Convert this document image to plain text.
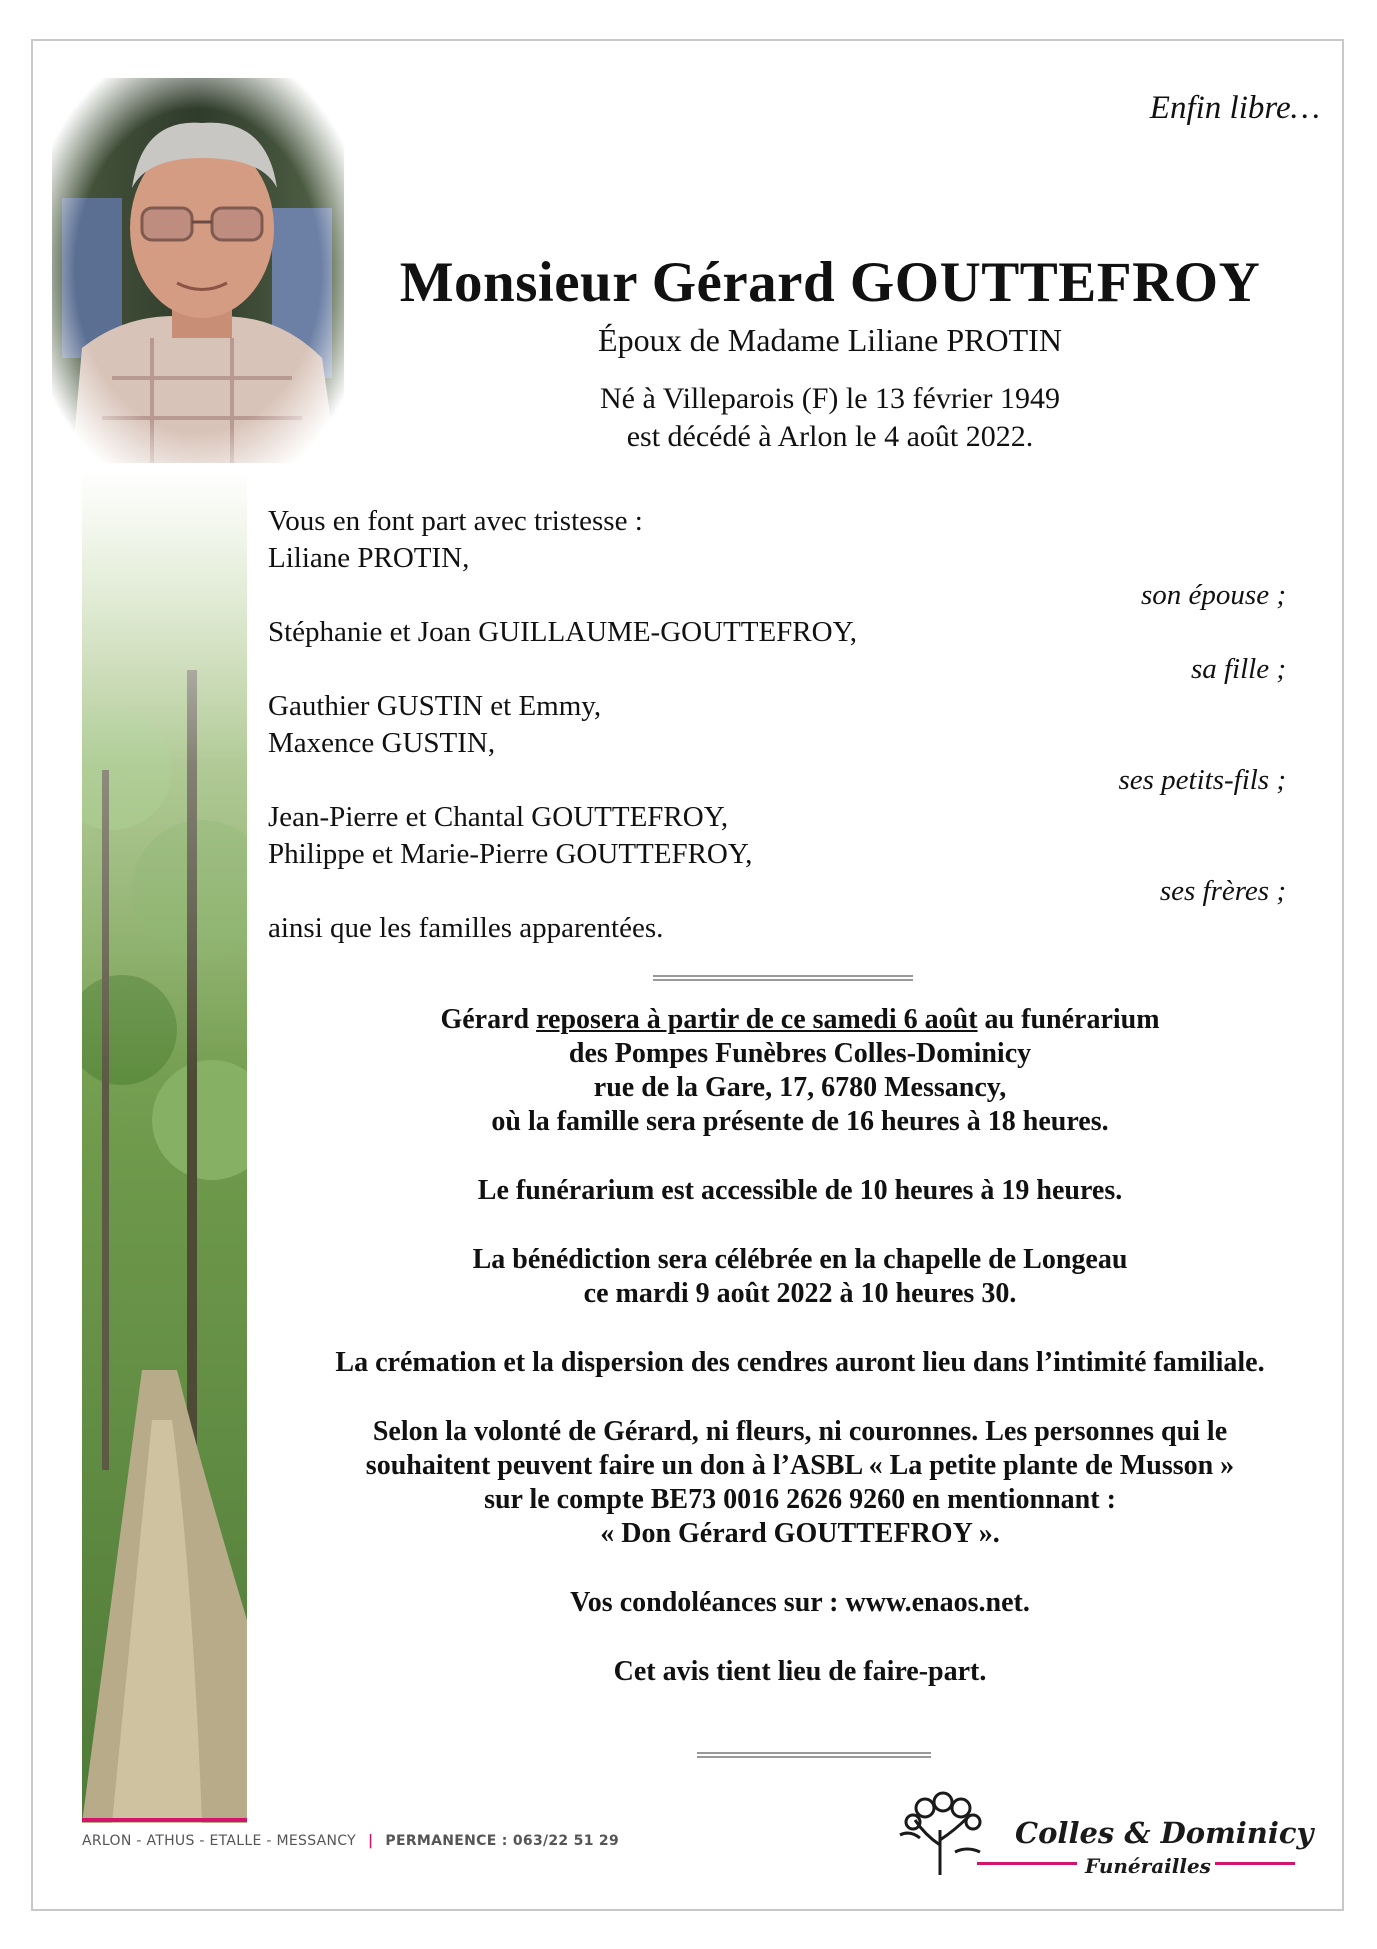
Enfin libre…
Monsieur Gérard GOUTTEFROY
Époux de Madame Liliane PROTIN
Né à Villeparois (F) le 13 février 1949
est décédé à Arlon le 4 août 2022.
Vous en font part avec tristesse :
Liliane PROTIN,
son épouse ;
Stéphanie et Joan GUILLAUME-GOUTTEFROY,
sa fille ;
Gauthier GUSTIN et Emmy,
Maxence GUSTIN,
ses petits-fils ;
Jean-Pierre et Chantal GOUTTEFROY,
Philippe et Marie-Pierre GOUTTEFROY,
ses frères ;
ainsi que les familles apparentées.

Gérard reposera à partir de ce samedi 6 août au funérarium
des Pompes Funèbres Colles-Dominicy
rue de la Gare, 17, 6780 Messancy,
où la famille sera présente de 16 heures à 18 heures.

Le funérarium est accessible de 10 heures à 19 heures.

La bénédiction sera célébrée en la chapelle de Longeau
ce mardi 9 août 2022 à 10 heures 30.

La crémation et la dispersion des cendres auront lieu dans l’intimité familiale.

Selon la volonté de Gérard, ni fleurs, ni couronnes. Les personnes qui le
souhaitent peuvent faire un don à l’ASBL « La petite plante de Musson »
sur le compte BE73 0016 2626 9260 en mentionnant :
« Don Gérard GOUTTEFROY ».

Vos condoléances sur : www.enaos.net.

Cet avis tient lieu de faire-part.

ARLON - ATHUS - ETALLE - MESSANCY | PERMANENCE : 063/22 51 29	Colles & Dominicy
Funérailles
